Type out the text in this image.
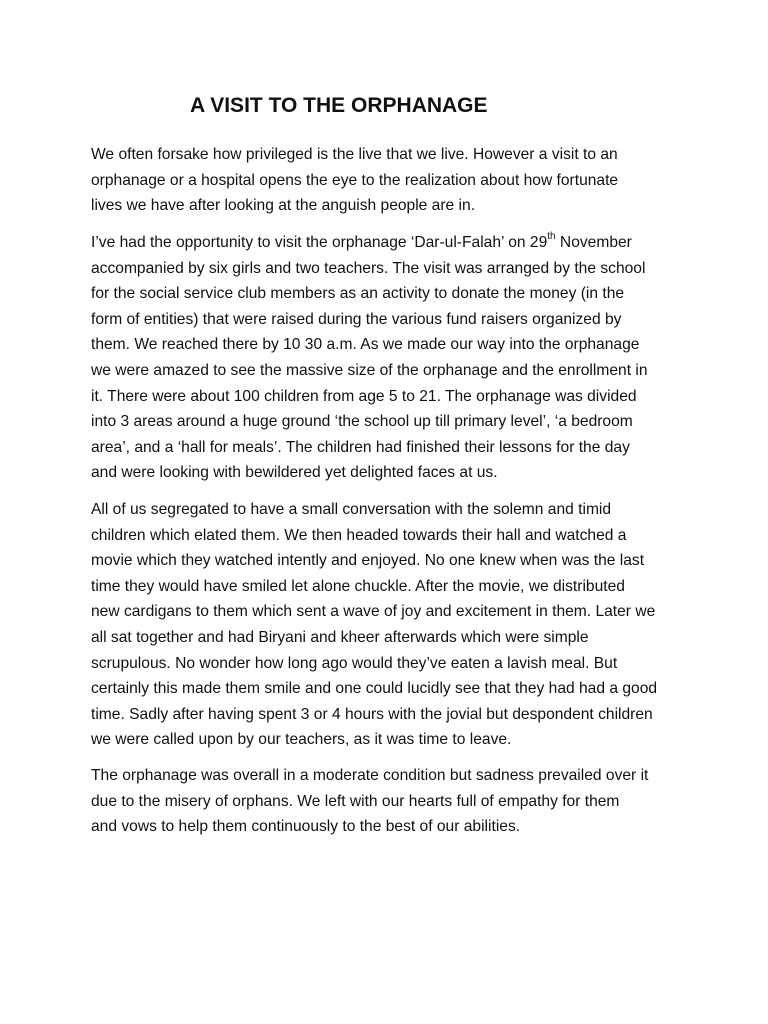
A VISIT TO THE ORPHANAGE
We often forsake how privileged is the live that we live. However a visit to an
orphanage or a hospital opens the eye to the realization about how fortunate
lives we have after looking at the anguish people are in.
I’ve had the opportunity to visit the orphanage ‘Dar-ul-Falah’ on 29th November
accompanied by six girls and two teachers. The visit was arranged by the school
for the social service club members as an activity to donate the money (in the
form of entities) that were raised during the various fund raisers organized by
them. We reached there by 10 30 a.m. As we made our way into the orphanage
we were amazed to see the massive size of the orphanage and the enrollment in
it. There were about 100 children from age 5 to 21. The orphanage was divided
into 3 areas around a huge ground ‘the school up till primary level’, ‘a bedroom
area’, and a ‘hall for meals’. The children had finished their lessons for the day
and were looking with bewildered yet delighted faces at us.
All of us segregated to have a small conversation with the solemn and timid
children which elated them. We then headed towards their hall and watched a
movie which they watched intently and enjoyed. No one knew when was the last
time they would have smiled let alone chuckle. After the movie, we distributed
new cardigans to them which sent a wave of joy and excitement in them. Later we
all sat together and had Biryani and kheer afterwards which were simple
scrupulous. No wonder how long ago would they’ve eaten a lavish meal. But
certainly this made them smile and one could lucidly see that they had had a good
time. Sadly after having spent 3 or 4 hours with the jovial but despondent children
we were called upon by our teachers, as it was time to leave.
The orphanage was overall in a moderate condition but sadness prevailed over it
due to the misery of orphans. We left with our hearts full of empathy for them
and vows to help them continuously to the best of our abilities.
